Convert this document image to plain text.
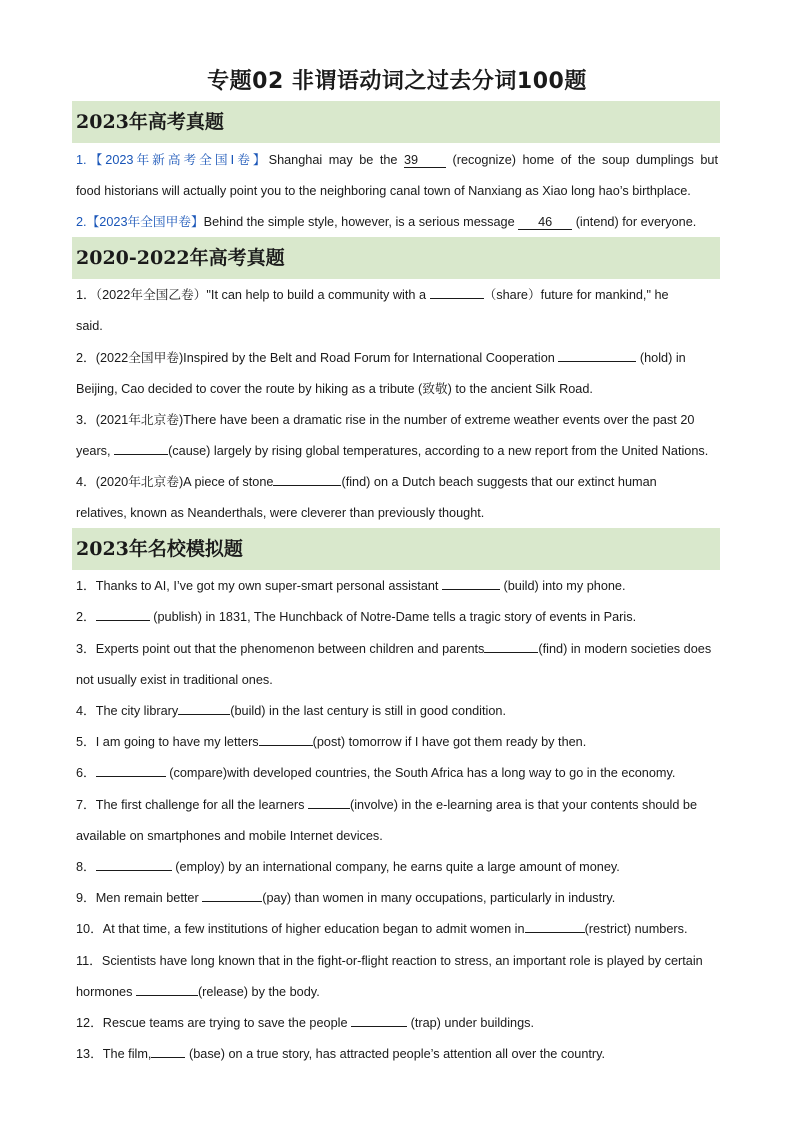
专题02 非谓语动词之过去分词100题
2023年高考真题
1.【2023年新高考全国Ⅰ卷】Shanghai may be the 39 (recognize) home of the soup dumplings but
food historians will actually point you to the neighboring canal town of Nanxiang as Xiao long hao’s birthplace.
2.【2023年全国甲卷】Behind the simple style, however, is a serious message 46 (intend) for everyone.
2020-2022年高考真题
1．（2022年全国乙卷）"It can help to build a community with a	（share）future for mankind," he
said.
2．(2022全国甲卷)Inspired by the Belt and Road Forum for International Cooperation	(hold) in
Beijing, Cao decided to cover the route by hiking as a tribute (致敬) to the ancient Silk Road.
3．(2021年北京卷)There have been a dramatic rise in the number of extreme weather events over the past 20
years,	(cause) largely by rising global temperatures, according to a new report from the United Nations.
4．(2020年北京卷)A piece of stone	(find) on a Dutch beach suggests that our extinct human
relatives, known as Neanderthals, were cleverer than previously thought.
2023年名校模拟题
1．Thanks to AI, I’ve got my own super-smart personal assistant	(build) into my phone.
2．	(publish) in 1831, The Hunchback of Notre-Dame tells a tragic story of events in Paris.
3．Experts point out that the phenomenon between children and parents	(find) in modern societies does
not usually exist in traditional ones.
4．The city library	(build) in the last century is still in good condition.
5．I am going to have my letters	(post) tomorrow if I have got them ready by then.
6．	(compare)with developed countries, the South Africa has a long way to go in the economy.
7．The first challenge for all the learners	(involve) in the e-learning area is that your contents should be
available on smartphones and mobile Internet devices.
8．	(employ) by an international company, he earns quite a large amount of money.
9．Men remain better	(pay) than women in many occupations, particularly in industry.
10．At that time, a few institutions of higher education began to admit women in	(restrict) numbers.
11．Scientists have long known that in the fight-or-flight reaction to stress, an important role is played by certain
hormones	(release) by the body.
12．Rescue teams are trying to save the people	(trap) under buildings.
13．The film,	(base) on a true story, has attracted people’s attention all over the country.
